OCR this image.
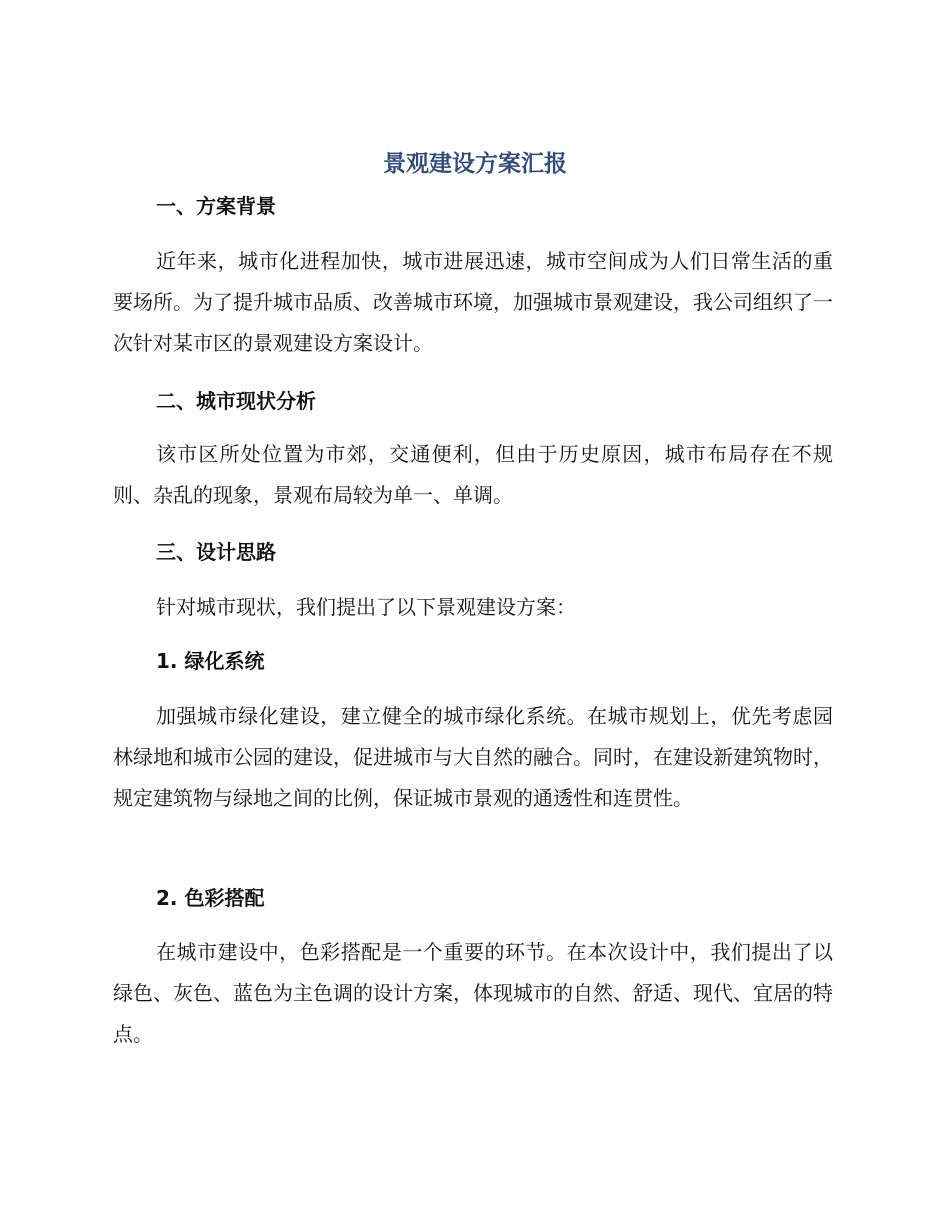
景观建设方案汇报
一、方案背景

近年来，城市化进程加快，城市进展迅速，城市空间成为人们日常生活的重要场所。为了提升城市品质、改善城市环境，加强城市景观建设，我公司组织了一次针对某市区的景观建设方案设计。

二、城市现状分析

该市区所处位置为市郊，交通便利，但由于历史原因，城市布局存在不规则、杂乱的现象，景观布局较为单一、单调。

三、设计思路

针对城市现状，我们提出了以下景观建设方案：

1. 绿化系统

加强城市绿化建设，建立健全的城市绿化系统。在城市规划上，优先考虑园林绿地和城市公园的建设，促进城市与大自然的融合。同时，在建设新建筑物时，规定建筑物与绿地之间的比例，保证城市景观的通透性和连贯性。

2. 色彩搭配

在城市建设中，色彩搭配是一个重要的环节。在本次设计中，我们提出了以绿色、灰色、蓝色为主色调的设计方案，体现城市的自然、舒适、现代、宜居的特点。
